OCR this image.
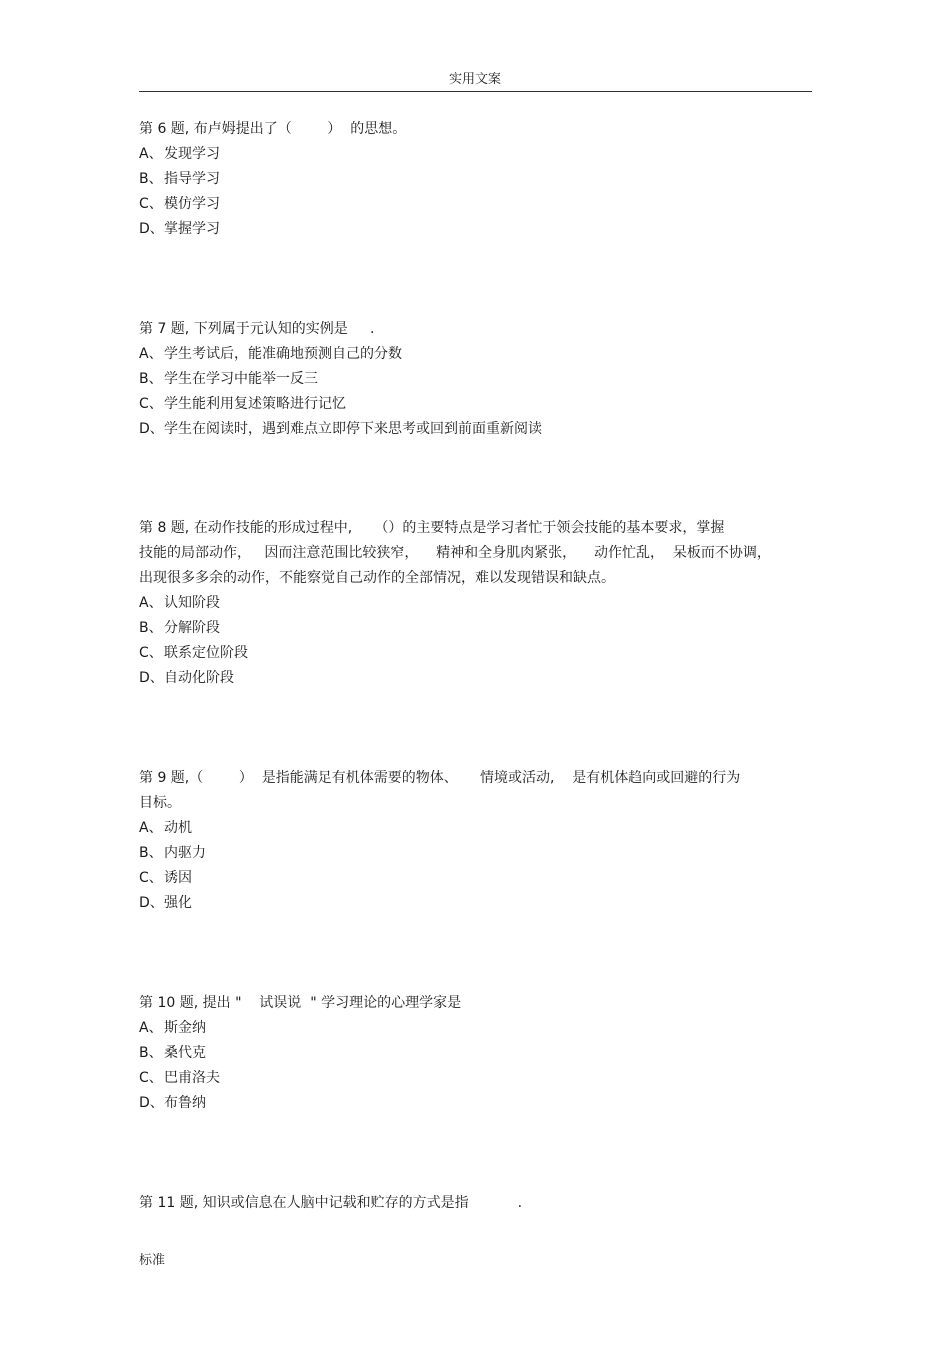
实用文案
第 6 题, 布卢姆提出了（        ）  的思想。
A、 发现学习
B、 指导学习
C、 模仿学习
D、 掌握学习
第 7 题, 下列属于元认知的实例是     .
A、 学生考试后，能准确地预测自己的分数
B、 学生在学习中能举一反三
C、 学生能利用复述策略进行记忆
D、 学生在阅读时，遇到难点立即停下来思考或回到前面重新阅读
第 8 题, 在动作技能的形成过程中,     （）的主要特点是学习者忙于领会技能的基本要求，掌握
技能的局部动作，   因而注意范围比较狭窄，    精神和全身肌肉紧张，    动作忙乱，  呆板而不协调，
出现很多多余的动作，不能察觉自己动作的全部情况，难以发现错误和缺点。
A、 认知阶段
B、 分解阶段
C、 联系定位阶段
D、 自动化阶段
第 9 题,（        ）  是指能满足有机体需要的物体、     情境或活动,    是有机体趋向或回避的行为
目标。
A、 动机
B、 内驱力
C、 诱因
D、 强化
第 10 题, 提出 "    试误说  " 学习理论的心理学家是
A、 斯金纳
B、 桑代克
C、 巴甫洛夫
D、 布鲁纳
第 11 题, 知识或信息在人脑中记载和贮存的方式是指           .
标准
